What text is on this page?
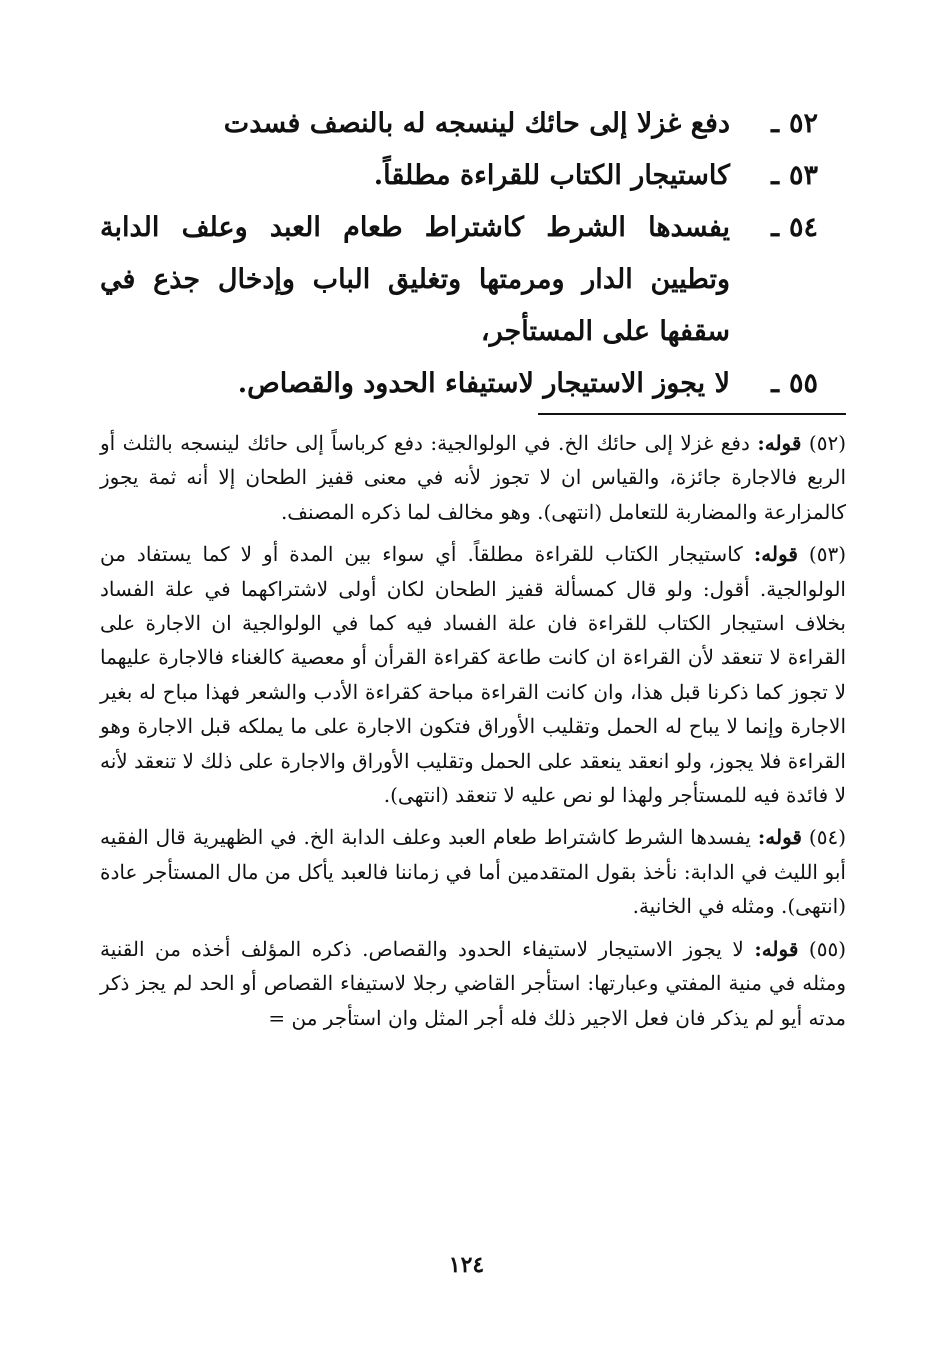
٥٢
ـ
دفع غزلا إلى حائك لينسجه له بالنصف فسدت
٥٣
ـ
كاستيجار الكتاب للقراءة مطلقاً.
٥٤
ـ
يفسدها الشرط كاشتراط طعام العبد وعلف الدابة وتطيين الدار ومرمتها وتغليق الباب وإدخال جذع في سقفها على المستأجر،
٥٥
ـ
لا يجوز الاستيجار لاستيفاء الحدود والقصاص.

(٥٢) قوله: دفع غزلا إلى حائك الخ. في الولوالجية: دفع كرباساً إلى حائك لينسجه بالثلث أو الربع فالاجارة جائزة، والقياس ان لا تجوز لأنه في معنى قفيز الطحان إلا أنه ثمة يجوز كالمزارعة والمضاربة للتعامل (انتهى). وهو مخالف لما ذكره المصنف.

(٥٣) قوله: كاستيجار الكتاب للقراءة مطلقاً. أي سواء بين المدة أو لا كما يستفاد من الولوالجية. أقول: ولو قال كمسألة قفيز الطحان لكان أولى لاشتراكهما في علة الفساد بخلاف استيجار الكتاب للقراءة فان علة الفساد فيه كما في الولوالجية ان الاجارة على القراءة لا تنعقد لأن القراءة ان كانت طاعة كقراءة القرأن أو معصية كالغناء فالاجارة عليهما لا تجوز كما ذكرنا قبل هذا، وان كانت القراءة مباحة كقراءة الأدب والشعر فهذا مباح له بغير الاجارة وإنما لا يباح له الحمل وتقليب الأوراق فتكون الاجارة على ما يملكه قبل الاجارة وهو القراءة فلا يجوز، ولو انعقد ينعقد على الحمل وتقليب الأوراق والاجارة على ذلك لا تنعقد لأنه لا فائدة فيه للمستأجر ولهذا لو نص عليه لا تنعقد (انتهى).

(٥٤) قوله: يفسدها الشرط كاشتراط طعام العبد وعلف الدابة الخ. في الظهيرية قال الفقيه أبو الليث في الدابة: نأخذ بقول المتقدمين أما في زماننا فالعبد يأكل من مال المستأجر عادة (انتهى). ومثله في الخانية.

(٥٥) قوله: لا يجوز الاستيجار لاستيفاء الحدود والقصاص. ذكره المؤلف أخذه من القنية ومثله في منية المفتي وعبارتها: استأجر القاضي رجلا لاستيفاء القصاص أو الحد لم يجز ذكر مدته أيو لم يذكر فان فعل الاجير ذلك فله أجر المثل وان استأجر من =

١٢٤
